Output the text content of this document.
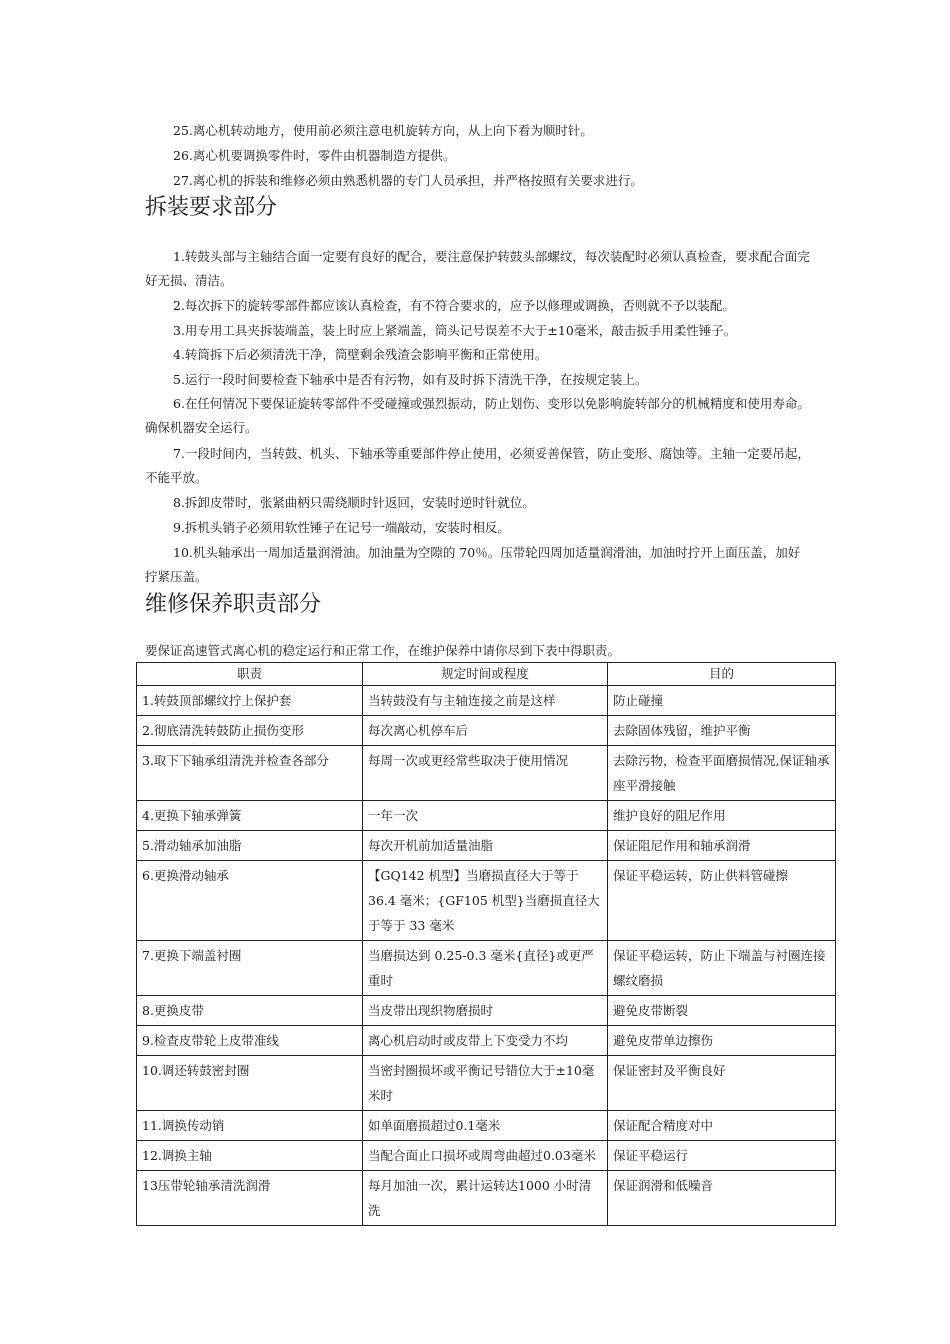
25.离心机转动地方，使用前必须注意电机旋转方向，从上向下看为顺时针。

26.离心机要调换零件时，零件由机器制造方提供。

27.离心机的拆装和维修必须由熟悉机器的专门人员承担，并严格按照有关要求进行。

拆装要求部分

1.转鼓头部与主轴结合面一定要有良好的配合，要注意保护转鼓头部螺纹，每次装配时必须认真检查，要求配合面完好无损、清洁。

2.每次拆下的旋转零部件都应该认真检查，有不符合要求的，应予以修理或调换，否则就不予以装配。

3.用专用工具夹拆装端盖，装上时应上紧端盖，筒头记号误差不大于±10毫米，敲击扳手用柔性锤子。

4.转筒拆下后必须清洗干净，筒壁剩余残渣会影响平衡和正常使用。

5.运行一段时间要检查下轴承中是否有污物，如有及时拆下清洗干净，在按规定装上。

6.在任何情况下要保证旋转零部件不受碰撞或强烈振动，防止划伤、变形以免影响旋转部分的机械精度和使用寿命。确保机器安全运行。

7.一段时间内，当转鼓、机头、下轴承等重要部件停止使用，必须妥善保管，防止变形、腐蚀等。主轴一定要吊起，不能平放。

8.拆卸皮带时，张紧曲柄只需绕顺时针返回，安装时逆时针就位。

9.拆机头销子必须用软性锤子在记号一端敲动，安装时相反。

10.机头轴承出一周加适量润滑油。加油量为空隙的 70％。压带轮四周加适量润滑油，加油时拧开上面压盖，加好拧紧压盖。

维修保养职责部分

要保证高速管式离心机的稳定运行和正常工作，在维护保养中请你尽到下表中得职责。

职责	规定时间或程度	目的
1.转鼓顶部螺纹拧上保护套	当转鼓没有与主轴连接之前是这样	防止碰撞
2.彻底清洗转鼓防止损伤变形	每次离心机停车后	去除固体残留，维护平衡
3.取下下轴承组清洗并检查各部分	每周一次或更经常些取决于使用情况	去除污物，检查平面磨损情况,保证轴承座平滑接触
4.更换下轴承弹簧	一年一次	维护良好的阻尼作用
5.滑动轴承加油脂	每次开机前加适量油脂	保证阻尼作用和轴承润滑
6.更换滑动轴承	【GQ142 机型】当磨损直径大于等于36.4 毫米；{GF105 机型}当磨损直径大于等于 33 毫米	保证平稳运转，防止供料管碰擦
7.更换下端盖衬圈	当磨损达到 0.25-0.3 毫米{直径}或更严重时	保证平稳运转，防止下端盖与衬圈连接螺纹磨损
8.更换皮带	当皮带出现织物磨损时	避免皮带断裂
9.检查皮带轮上皮带准线	离心机启动时或皮带上下变受力不均	避免皮带单边擦伤
10.调还转鼓密封圈	当密封圈损坏或平衡记号错位大于±10毫米时	保证密封及平衡良好
11.调换传动销	如单面磨损超过0.1毫米	保证配合精度对中
12.调换主轴	当配合面止口损坏或周弯曲超过0.03毫米	保证平稳运行
13压带轮轴承清洗润滑	每月加油一次，累计运转达1000 小时清洗	保证润滑和低噪音
